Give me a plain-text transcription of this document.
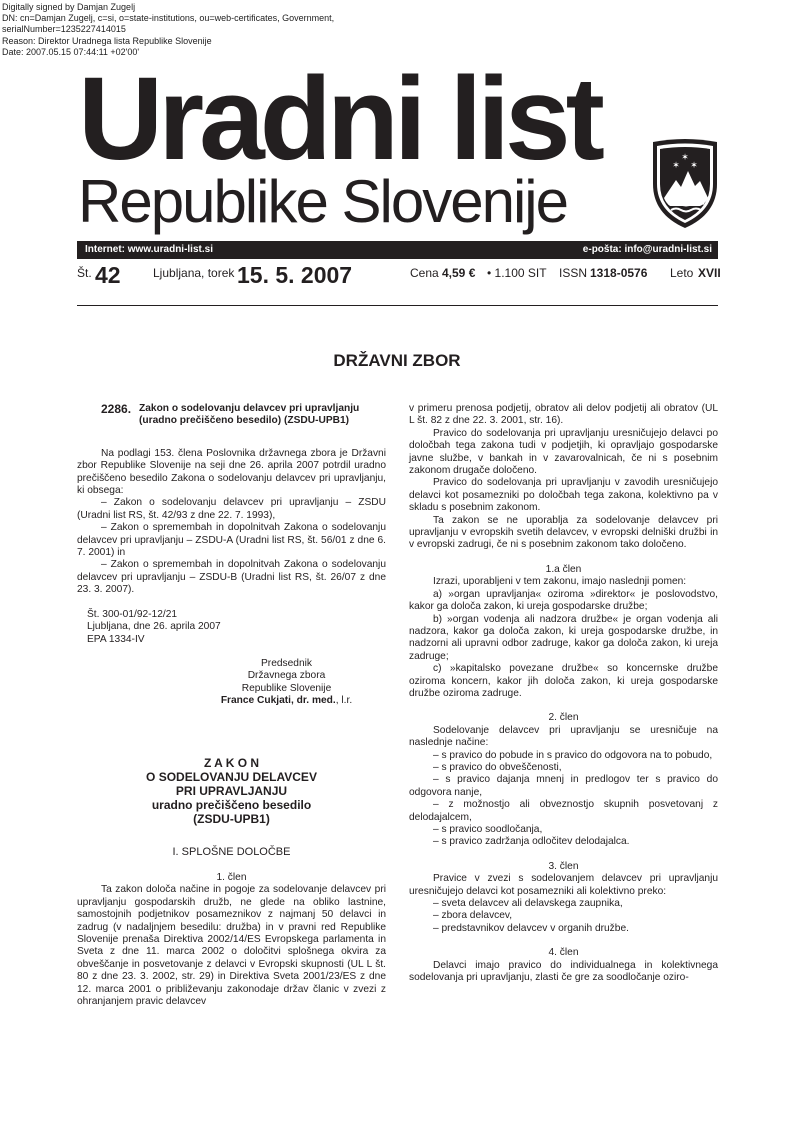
Digitally signed by Damjan Zugelj
DN: cn=Damjan Zugelj, c=si, o=state-institutions, ou=web-certificates, Government,
serialNumber=1235227414015
Reason: Direktor Uradnega lista Republike Slovenije
Date: 2007.05.15 07:44:11 +02'00'
Uradni list
Republike Slovenije
✶
✶ ✶
Internet: www.uradni-list.si	e-pošta: info@uradni-list.si
Št. 42	Ljubljana, torek 15. 5. 2007	Cena 4,59 € • 1.100 SIT ISSN 1318-0576 Leto XVII
DRŽAVNI ZBOR
2286. Zakon o sodelovanju delavcev pri upravljanju
(uradno prečiščeno besedilo) (ZSDU-UPB1)

Na podlagi 153. člena Poslovnika državnega zbora je Državni zbor Republike Slovenije na seji dne 26. aprila 2007 potrdil uradno prečiščeno besedilo Zakona o sodelovanju delavcev pri upravljanju, ki obsega:

– Zakon o sodelovanju delavcev pri upravljanju – ZSDU (Uradni list RS, št. 42/93 z dne 22. 7. 1993),

– Zakon o spremembah in dopolnitvah Zakona o sodelovanju delavcev pri upravljanju – ZSDU-A (Uradni list RS, št. 56/01 z dne 6. 7. 2001) in

– Zakon o spremembah in dopolnitvah Zakona o sodelovanju delavcev pri upravljanju – ZSDU-B (Uradni list RS, št. 26/07 z dne 23. 3. 2007).

Št. 300-01/92-12/21

Ljubljana, dne 26. aprila 2007

EPA 1334-IV

Predsednik

Državnega zbora

Republike Slovenije

France Cukjati, dr. med., l.r.

Z A K O N

O SODELOVANJU DELAVCEV

PRI UPRAVLJANJU

uradno prečiščeno besedilo

(ZSDU-UPB1)

I. SPLOŠNE DOLOČBE

1. člen

Ta zakon določa načine in pogoje za sodelovanje delavcev pri upravljanju gospodarskih družb, ne glede na obliko lastnine, samostojnih podjetnikov posameznikov z najmanj 50 delavci in zadrug (v nadaljnjem besedilu: družba) in v pravni red Republike Slovenije prenaša Direktiva 2002/14/ES Evropskega parlamenta in Sveta z dne 11. marca 2002 o določitvi splošnega okvira za obveščanje in posvetovanje z delavci v Evropski skupnosti (UL L št. 80 z dne 23. 3. 2002, str. 29) in Direktiva Sveta 2001/23/ES z dne 12. marca 2001 o približevanju zakonodaje držav članic v zvezi z ohranjanjem pravic delavcev

v primeru prenosa podjetij, obratov ali delov podjetij ali obratov (UL L št. 82 z dne 22. 3. 2001, str. 16).

Pravico do sodelovanja pri upravljanju uresničujejo delavci po določbah tega zakona tudi v podjetjih, ki opravljajo gospodarske javne službe, v bankah in v zavarovalnicah, če ni s posebnim zakonom drugače določeno.

Pravico do sodelovanja pri upravljanju v zavodih uresničujejo delavci kot posamezniki po določbah tega zakona, kolektivno pa v skladu s posebnim zakonom.

Ta zakon se ne uporablja za sodelovanje delavcev pri upravljanju v evropskih svetih delavcev, v evropski delniški družbi in v evropski zadrugi, če ni s posebnim zakonom tako določeno.

1.a člen

Izrazi, uporabljeni v tem zakonu, imajo naslednji pomen:

a) »organ upravljanja« oziroma »direktor« je poslovodstvo, kakor ga določa zakon, ki ureja gospodarske družbe;

b) »organ vodenja ali nadzora družbe« je organ vodenja ali nadzora, kakor ga določa zakon, ki ureja gospodarske družbe, in nadzorni ali upravni odbor zadruge, kakor ga določa zakon, ki ureja zadruge;

c) »kapitalsko povezane družbe« so koncernske družbe oziroma koncern, kakor jih določa zakon, ki ureja gospodarske družbe oziroma zadruge.

2. člen

Sodelovanje delavcev pri upravljanju se uresničuje na naslednje načine:

– s pravico do pobude in s pravico do odgovora na to pobudo,

– s pravico do obveščenosti,

– s pravico dajanja mnenj in predlogov ter s pravico do odgovora nanje,

– z možnostjo ali obveznostjo skupnih posvetovanj z delodajalcem,

– s pravico soodločanja,

– s pravico zadržanja odločitev delodajalca.

3. člen

Pravice v zvezi s sodelovanjem delavcev pri upravljanju uresničujejo delavci kot posamezniki ali kolektivno preko:

– sveta delavcev ali delavskega zaupnika,

– zbora delavcev,

– predstavnikov delavcev v organih družbe.

4. člen

Delavci imajo pravico do individualnega in kolektivnega sodelovanja pri upravljanju, zlasti če gre za soodločanje oziro-
